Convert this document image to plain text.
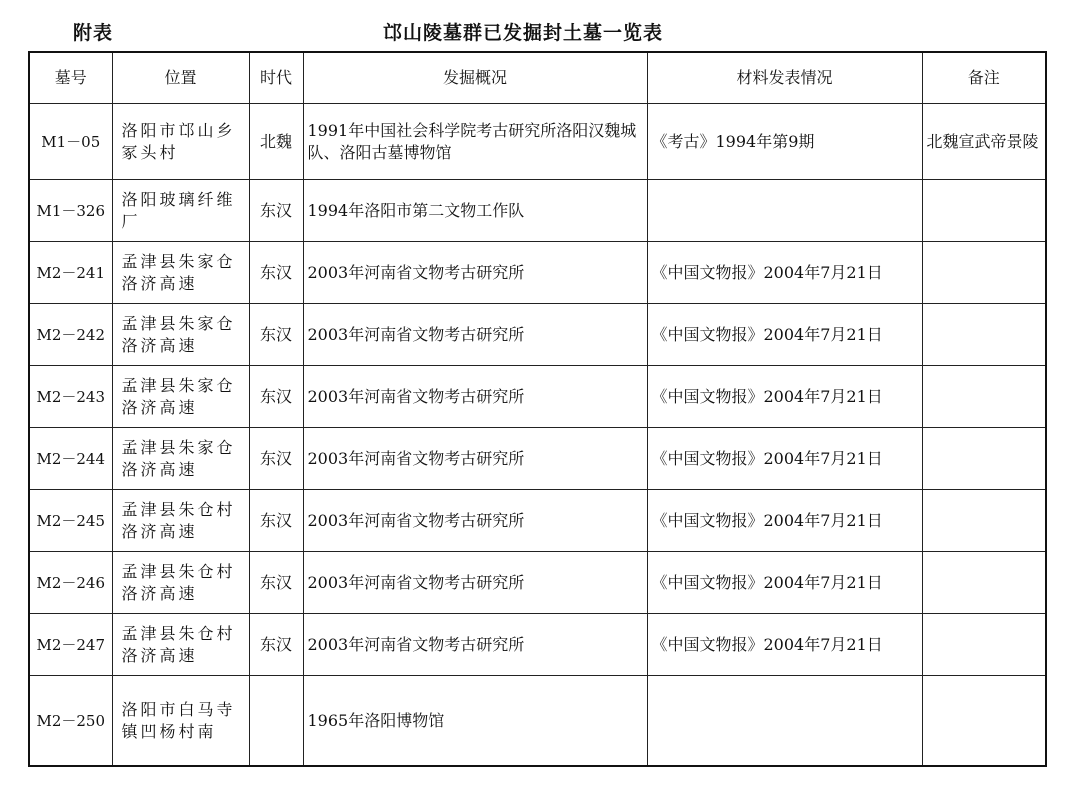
附表	邙山陵墓群已发掘封土墓一览表
墓号	位置	时代	发掘概况	材料发表情况	备注
M1－05	洛阳市邙山乡冢头村	北魏	1991年中国社会科学院考古研究所洛阳汉魏城队、洛阳古墓博物馆	《考古》1994年第9期	北魏宣武帝景陵
M1－326	洛阳玻璃纤维厂	东汉	1994年洛阳市第二文物工作队		
M2－241	孟津县朱家仓洛济高速	东汉	2003年河南省文物考古研究所	《中国文物报》2004年7月21日	
M2－242	孟津县朱家仓洛济高速	东汉	2003年河南省文物考古研究所	《中国文物报》2004年7月21日	
M2－243	孟津县朱家仓洛济高速	东汉	2003年河南省文物考古研究所	《中国文物报》2004年7月21日	
M2－244	孟津县朱家仓洛济高速	东汉	2003年河南省文物考古研究所	《中国文物报》2004年7月21日	
M2－245	孟津县朱仓村洛济高速	东汉	2003年河南省文物考古研究所	《中国文物报》2004年7月21日	
M2－246	孟津县朱仓村洛济高速	东汉	2003年河南省文物考古研究所	《中国文物报》2004年7月21日	
M2－247	孟津县朱仓村洛济高速	东汉	2003年河南省文物考古研究所	《中国文物报》2004年7月21日	
M2－250	洛阳市白马寺镇凹杨村南		1965年洛阳博物馆		
